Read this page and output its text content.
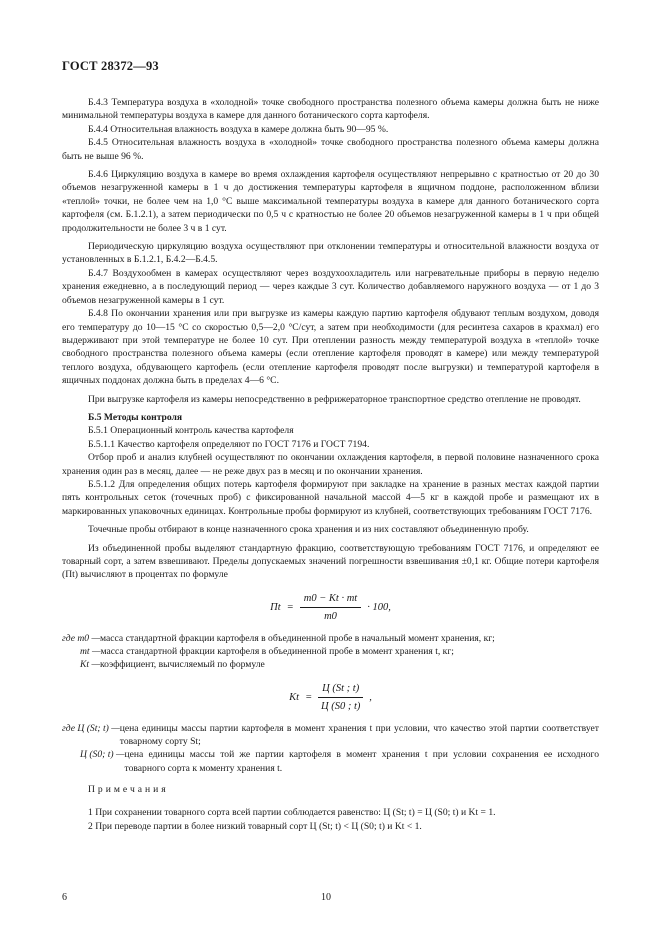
ГОСТ 28372—93

Б.4.3 Температура воздуха в «холодной» точке свободного пространства полезного объема камеры должна быть не ниже минимальной температуры воздуха в камере для данного ботанического сорта картофеля.

Б.4.4 Относительная влажность воздуха в камере должна быть 90—95 %.

Б.4.5 Относительная влажность воздуха в «холодной» точке свободного пространства полезного объема камеры должна быть не выше 96 %.

Б.4.6 Циркуляцию воздуха в камере во время охлаждения картофеля осуществляют непрерывно с кратностью от 20 до 30 объемов незагруженной камеры в 1 ч до достижения температуры картофеля в ящичном поддоне, расположенном вблизи «теплой» точки, не более чем на 1,0 °С выше максимальной температуры воздуха в камере для данного ботанического сорта картофеля (см. Б.1.2.1), а затем периодически по 0,5 ч с кратностью не более 20 объемов незагруженной камеры в 1 ч при общей продолжительности не более 3 ч в 1 сут.

Периодическую циркуляцию воздуха осуществляют при отклонении температуры и относительной влажности воздуха от установленных в Б.1.2.1, Б.4.2—Б.4.5.

Б.4.7 Воздухообмен в камерах осуществляют через воздухоохладитель или нагревательные приборы в первую неделю хранения ежедневно, а в последующий период — через каждые 3 сут. Количество добавляемого наружного воздуха — от 1 до 3 объемов незагруженной камеры в 1 сут.

Б.4.8 По окончании хранения или при выгрузке из камеры каждую партию картофеля обдувают теплым воздухом, доводя его температуру до 10—15 °С со скоростью 0,5—2,0 °С/сут, а затем при необходимости (для ресинтеза сахаров в крахмал) его выдерживают при этой температуре не более 10 сут. При отеплении разность между температурой воздуха в «теплой» точке свободного пространства полезного объема камеры (если отепление картофеля проводят в камере) или между температурой теплого воздуха, обдувающего картофель (если отепление картофеля проводят после выгрузки) и температурой картофеля в ящичных поддонах должна быть в пределах 4—6 °С.

При выгрузке картофеля из камеры непосредственно в рефрижераторное транспортное средство отепление не проводят.

Б.5 Методы контроля

Б.5.1 Операционный контроль качества картофеля

Б.5.1.1 Качество картофеля определяют по ГОСТ 7176 и ГОСТ 7194.

Отбор проб и анализ клубней осуществляют по окончании охлаждения картофеля, в первой половине назначенного срока хранения один раз в месяц, далее — не реже двух раз в месяц и по окончании хранения.

Б.5.1.2 Для определения общих потерь картофеля формируют при закладке на хранение в разных местах каждой партии пять контрольных сеток (точечных проб) с фиксированной начальной массой 4—5 кг в каждой пробе и размещают их в маркированных упаковочных единицах. Контрольные пробы формируют из клубней, соответствующих требованиям ГОСТ 7176.

Точечные пробы отбирают в конце назначенного срока хранения и из них составляют объединенную пробу.

Из объединенной пробы выделяют стандартную фракцию, соответствующую требованиям ГОСТ 7176, и определяют ее товарный сорт, а затем взвешивают. Пределы допускаемых значений погрешности взвешивания ±0,1 кг. Общие потери картофеля (Пt) вычисляют в процентах по формуле

Пt = $\frac{m0 - Kt \cdot mt}{m0} \cdot 100$,
где m0 — масса стандартной фракции картофеля в объединенной пробе в начальный момент хранения, кг;
mt — масса стандартной фракции картофеля в объединенной пробе в момент хранения t, кг;
Kt — коэффициент, вычисляемый по формуле
$Kt = \frac{Ц (St ; t)}{Ц (S0 ; t)}$ ,
где Ц (St; t) — цена единицы массы партии картофеля в момент хранения t при условии, что качество этой партии соответствует товарному сорту St;
Ц (S0; t) — цена единицы массы той же партии картофеля в момент хранения t при условии сохранения ее исходного товарного сорта к моменту хранения t.

Примечания

1 При сохранении товарного сорта всей партии соблюдается равенство: Ц (St; t) = Ц (S0; t) и Kt = 1.

2 При переводе партии в более низкий товарный сорт Ц (St; t) < Ц (S0; t) и Kt < 1.

6	10
